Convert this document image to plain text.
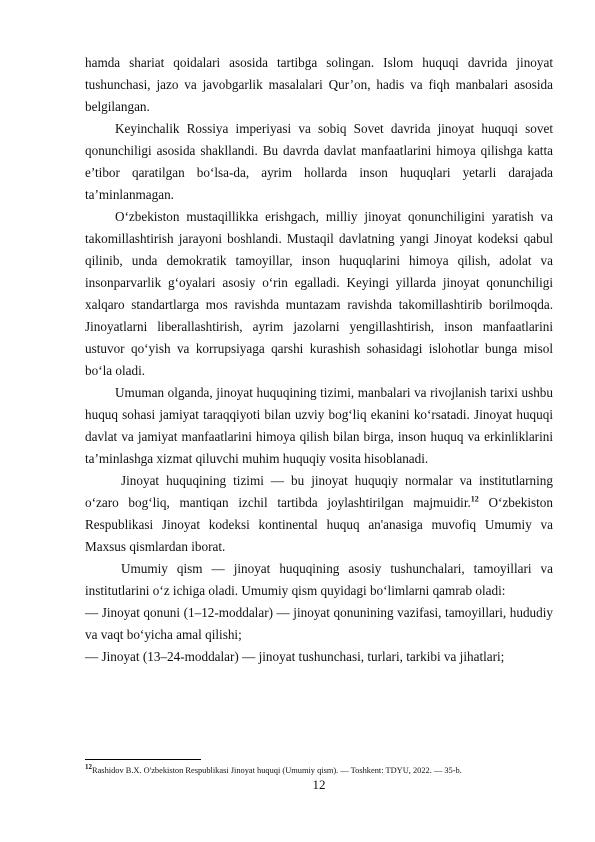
hamda shariat qoidalari asosida tartibga solingan. Islom huquqi davrida jinoyat tushunchasi, jazo va javobgarlik masalalari Qur’on, hadis va fiqh manbalari asosida belgilangan.

Keyinchalik Rossiya imperiyasi va sobiq Sovet davrida jinoyat huquqi sovet qonunchiligi asosida shakllandi. Bu davrda davlat manfaatlarini himoya qilishga katta e’tibor qaratilgan bo‘lsa-da, ayrim hollarda inson huquqlari yetarli darajada ta’minlanmagan.

O‘zbekiston mustaqillikka erishgach, milliy jinoyat qonunchiligini yaratish va takomillashtirish jarayoni boshlandi. Mustaqil davlatning yangi Jinoyat kodeksi qabul qilinib, unda demokratik tamoyillar, inson huquqlarini himoya qilish, adolat va insonparvarlik g‘oyalari asosiy o‘rin egalladi. Keyingi yillarda jinoyat qonunchiligi xalqaro standartlarga mos ravishda muntazam ravishda takomillashtirib borilmoqda. Jinoyatlarni liberallashtirish, ayrim jazolarni yengillashtirish, inson manfaatlarini ustuvor qo‘yish va korrupsiyaga qarshi kurashish sohasidagi islohotlar bunga misol bo‘la oladi.

Umuman olganda, jinoyat huquqining tizimi, manbalari va rivojlanish tarixi ushbu huquq sohasi jamiyat taraqqiyoti bilan uzviy bog‘liq ekanini ko‘rsatadi. Jinoyat huquqi davlat va jamiyat manfaatlarini himoya qilish bilan birga, inson huquq va erkinliklarini ta’minlashga xizmat qiluvchi muhim huquqiy vosita hisoblanadi.

Jinoyat huquqining tizimi — bu jinoyat huquqiy normalar va institutlarning o‘zaro bog‘liq, mantiqan izchil tartibda joylashtirilgan majmuidir.$^{12}$ O‘zbekiston Respublikasi Jinoyat kodeksi kontinental huquq an'anasiga muvofiq Umumiy va Maxsus qismlardan iborat.

Umumiy qism — jinoyat huquqining asosiy tushunchalari, tamoyillari va institutlarini o‘z ichiga oladi. Umumiy qism quyidagi bo‘limlarni qamrab oladi:

— Jinoyat qonuni (1–12-moddalar) — jinoyat qonunining vazifasi, tamoyillari, hududiy va vaqt bo‘yicha amal qilishi;

— Jinoyat (13–24-moddalar) — jinoyat tushunchasi, turlari, tarkibi va jihatlari;

$^{12}$Rashidov B.X. O'zbekiston Respublikasi Jinoyat huquqi (Umumiy qism). — Toshkent: TDYU, 2022. — 35-b.
12
